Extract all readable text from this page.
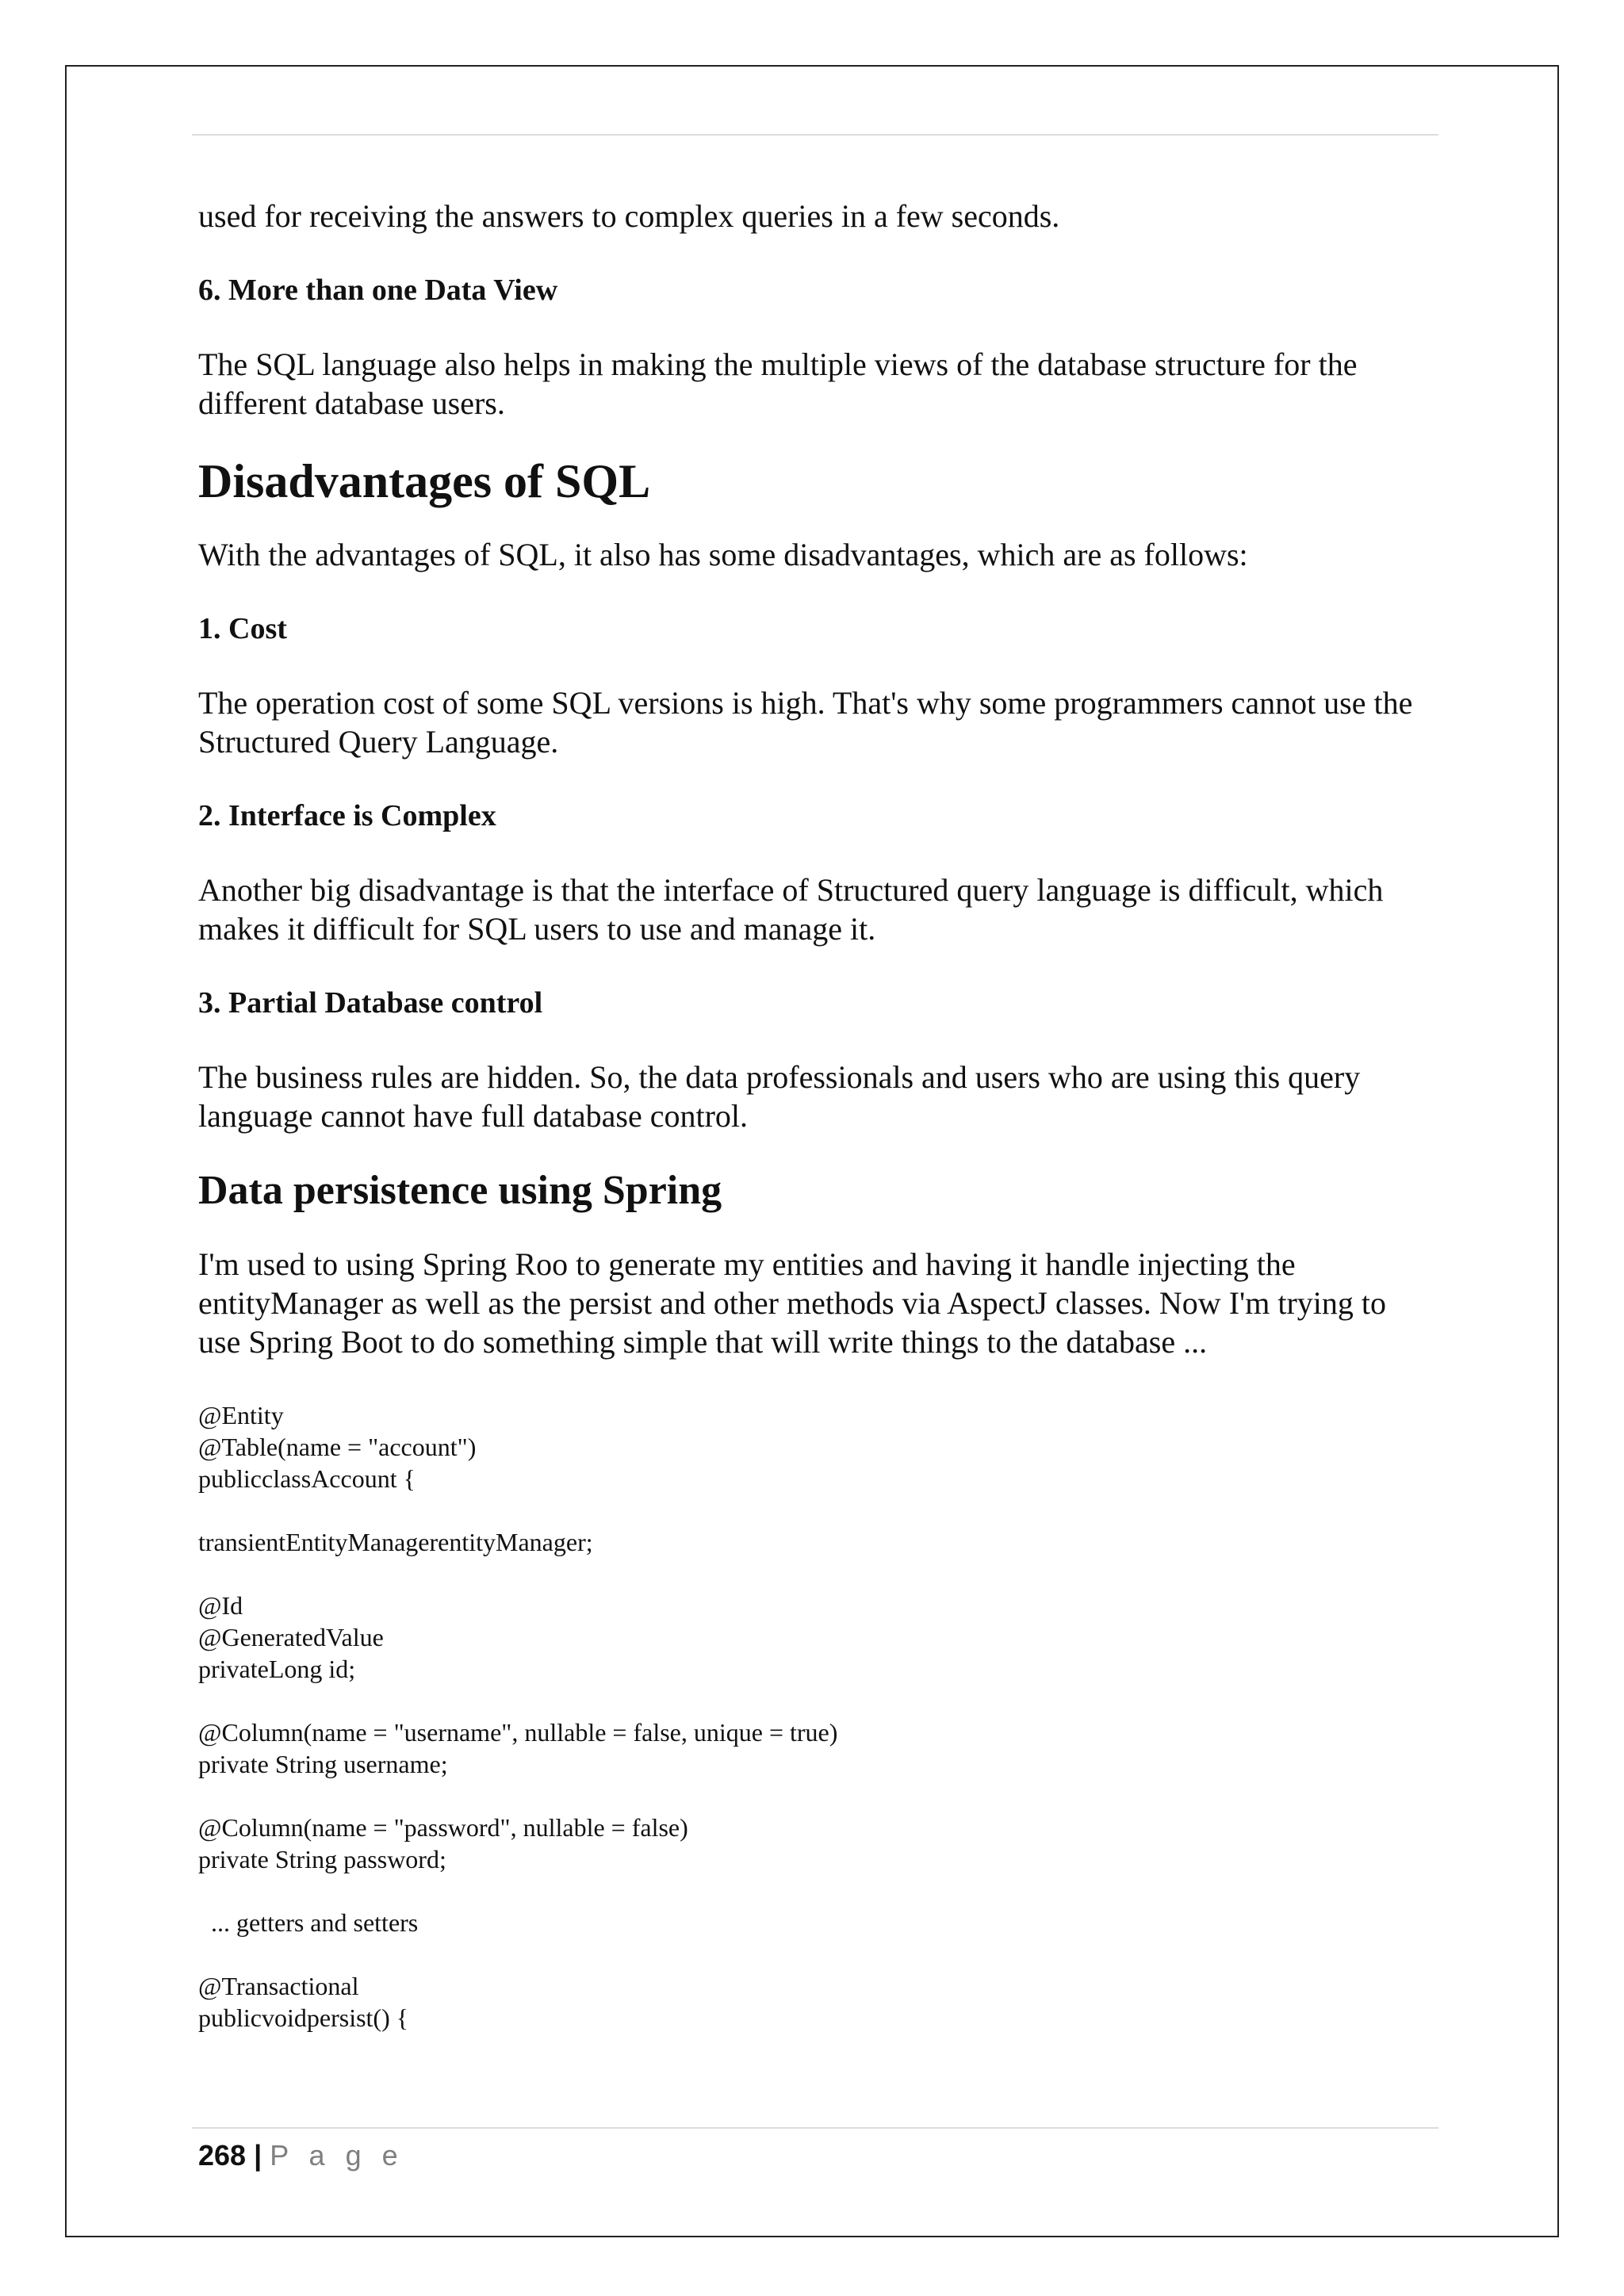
used for receiving the answers to complex queries in a few seconds.

6. More than one Data View

The SQL language also helps in making the multiple views of the database structure for the different database users.

Disadvantages of SQL

With the advantages of SQL, it also has some disadvantages, which are as follows:

1. Cost

The operation cost of some SQL versions is high. That's why some programmers cannot use the Structured Query Language.

2. Interface is Complex

Another big disadvantage is that the interface of Structured query language is difficult, which makes it difficult for SQL users to use and manage it.

3. Partial Database control

The business rules are hidden. So, the data professionals and users who are using this query language cannot have full database control.

Data persistence using Spring

I'm used to using Spring Roo to generate my entities and having it handle injecting the entityManager as well as the persist and other methods via AspectJ classes. Now I'm trying to use Spring Boot to do something simple that will write things to the database ...

@Entity

@Table(name = "account")

publicclassAccount {

transientEntityManagerentityManager;

@Id

@GeneratedValue

privateLong id;

@Column(name = "username", nullable = false, unique = true)

private String username;

@Column(name = "password", nullable = false)

private String password;

... getters and setters

@Transactional

publicvoidpersist() {

268 | P a g e
